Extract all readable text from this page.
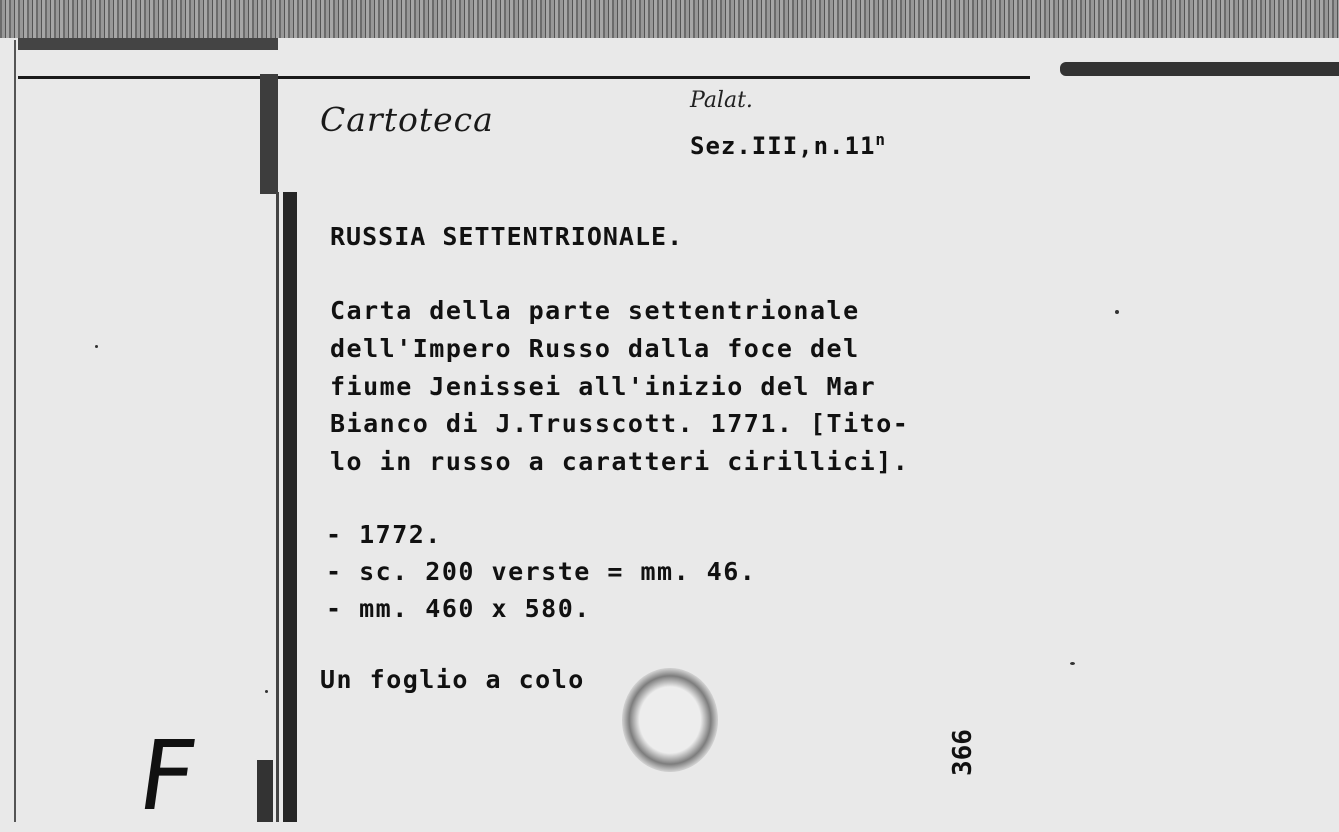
Cartoteca	Palat.
Sez.III,n.11$^n$
RUSSIA SETTENTRIONALE.
Carta della parte settentrionale
dell'Impero Russo dalla foce del
fiume Jenissei all'inizio del Mar
Bianco di J.Trusscott. 1771. [Tito-
lo in russo a caratteri cirillici].
- 1772.
- sc. 200 verste = mm. 46.
- mm. 460 x 580.
Un foglio a colo
F	366
